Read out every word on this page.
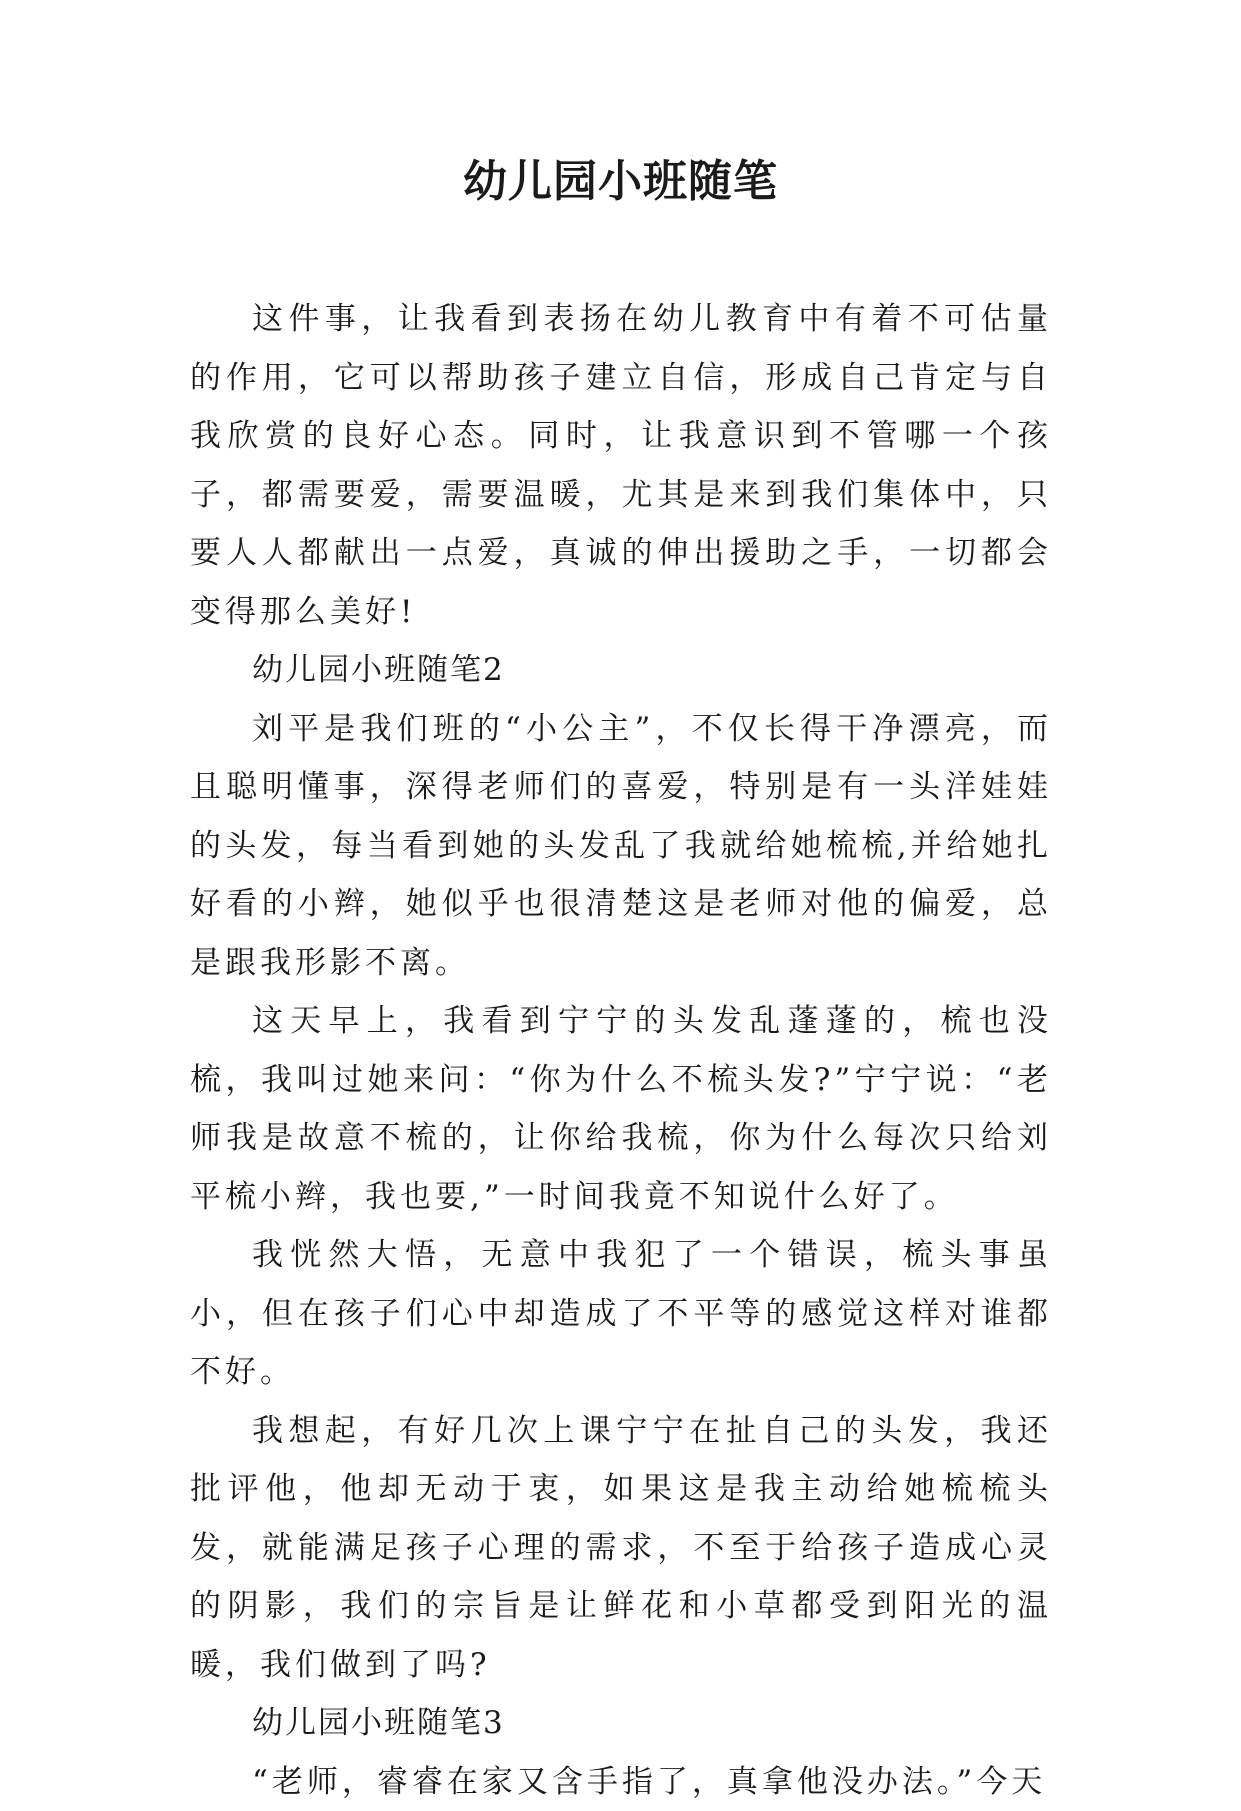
幼儿园小班随笔

这件事，让我看到表扬在幼儿教育中有着不可估量的作用，它可以帮助孩子建立自信，形成自己肯定与自我欣赏的良好心态。同时，让我意识到不管哪一个孩子，都需要爱，需要温暖，尤其是来到我们集体中，只要人人都献出一点爱，真诚的伸出援助之手，一切都会变得那么美好!

幼儿园小班随笔2

刘平是我们班的“小公主”，不仅长得干净漂亮，而且聪明懂事，深得老师们的喜爱，特别是有一头洋娃娃的头发，每当看到她的头发乱了我就给她梳梳,并给她扎好看的小辫，她似乎也很清楚这是老师对他的偏爱，总是跟我形影不离。

这天早上，我看到宁宁的头发乱蓬蓬的，梳也没梳，我叫过她来问：“你为什么不梳头发?”宁宁说：“老师我是故意不梳的，让你给我梳，你为什么每次只给刘平梳小辫，我也要,”一时间我竟不知说什么好了。

我恍然大悟，无意中我犯了一个错误，梳头事虽小，但在孩子们心中却造成了不平等的感觉这样对谁都不好。

我想起，有好几次上课宁宁在扯自己的头发，我还批评他，他却无动于衷，如果这是我主动给她梳梳头发，就能满足孩子心理的需求，不至于给孩子造成心灵的阴影，我们的宗旨是让鲜花和小草都受到阳光的温暖，我们做到了吗?

幼儿园小班随笔3

“老师，睿睿在家又含手指了，真拿他没办法。”今天
